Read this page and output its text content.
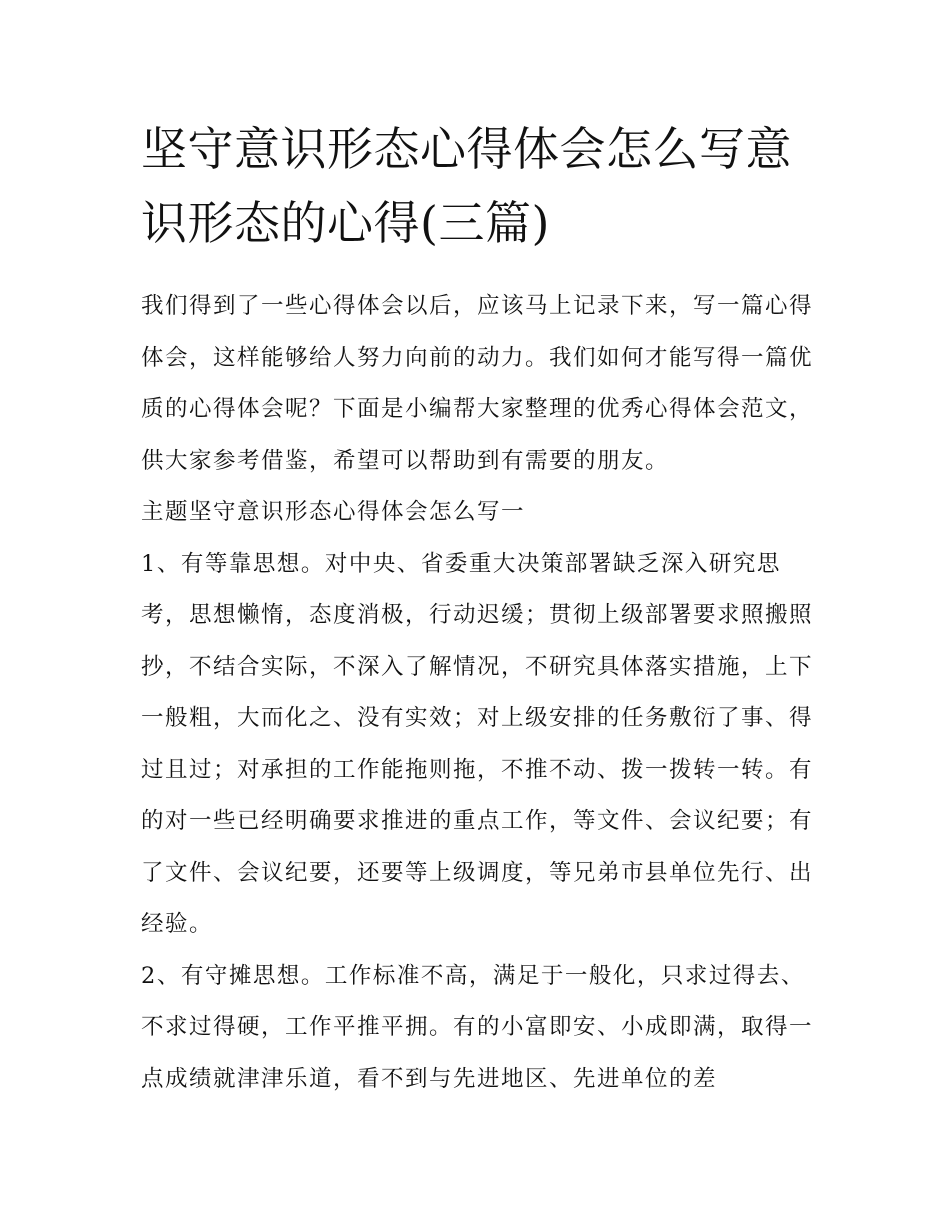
坚守意识形态心得体会怎么写意识形态的心得(三篇)

我们得到了一些心得体会以后，应该马上记录下来，写一篇心得体会，这样能够给人努力向前的动力。我们如何才能写得一篇优质的心得体会呢？下面是小编帮大家整理的优秀心得体会范文，供大家参考借鉴，希望可以帮助到有需要的朋友。

主题坚守意识形态心得体会怎么写一

1、有等靠思想。对中央、省委重大决策部署缺乏深入研究思考，思想懒惰，态度消极，行动迟缓；贯彻上级部署要求照搬照抄，不结合实际，不深入了解情况，不研究具体落实措施，上下一般粗，大而化之、没有实效；对上级安排的任务敷衍了事、得过且过；对承担的工作能拖则拖，不推不动、拨一拨转一转。有的对一些已经明确要求推进的重点工作，等文件、会议纪要；有了文件、会议纪要，还要等上级调度，等兄弟市县单位先行、出经验。

2、有守摊思想。工作标准不高，满足于一般化，只求过得去、不求过得硬，工作平推平拥。有的小富即安、小成即满，取得一点成绩就津津乐道，看不到与先进地区、先进单位的差
